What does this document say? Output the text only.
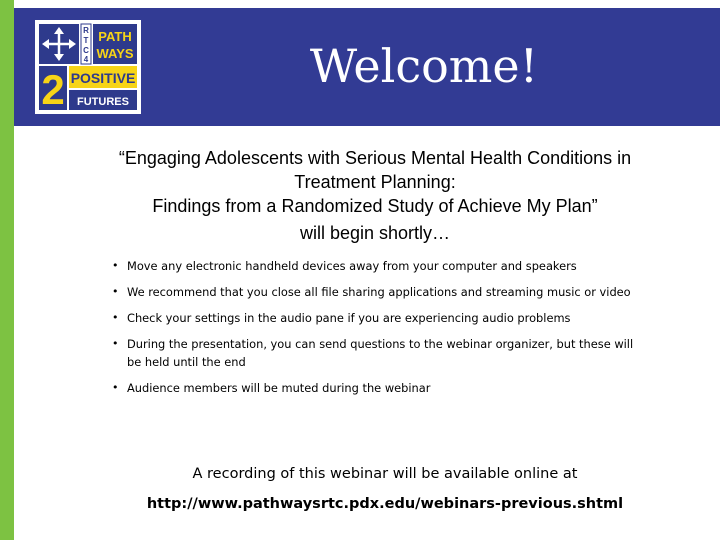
R
T
C
4
PATH
WAYS
2 POSITIVE
FUTURES
Welcome!
“Engaging Adolescents with Serious Mental Health Conditions in
Treatment Planning:
Findings from a Randomized Study of Achieve My Plan”
will begin shortly…
• Move any electronic handheld devices away from your computer and speakers
• We recommend that you close all file sharing applications and streaming music or video
• Check your settings in the audio pane if you are experiencing audio problems
• During the presentation, you can send questions to the webinar organizer, but these will be held until the end
• Audience members will be muted during the webinar
A recording of this webinar will be available online at
http://www.pathwaysrtc.pdx.edu/webinars-previous.shtml
